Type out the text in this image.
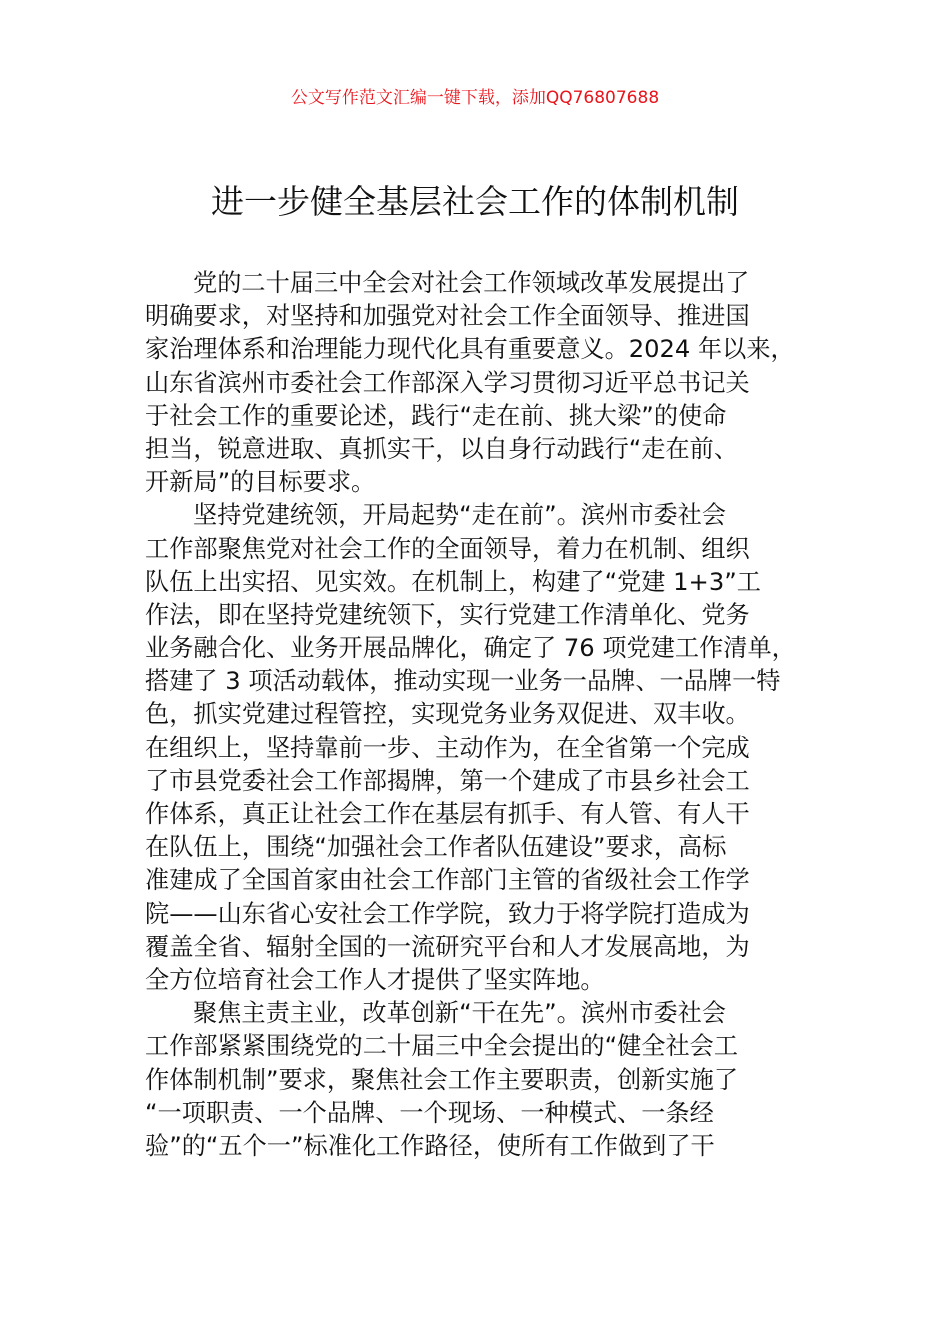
公文写作范文汇编一键下载，添加QQ76807688
进一步健全基层社会工作的体制机制
党的二十届三中全会对社会工作领域改革发展提出了
明确要求，对坚持和加强党对社会工作全面领导、推进国
家治理体系和治理能力现代化具有重要意义。2024 年以来，
山东省滨州市委社会工作部深入学习贯彻习近平总书记关
于社会工作的重要论述，践行“走在前、挑大梁”的使命
担当，锐意进取、真抓实干，以自身行动践行“走在前、
开新局”的目标要求。
坚持党建统领，开局起势“走在前”。滨州市委社会
工作部聚焦党对社会工作的全面领导，着力在机制、组织
队伍上出实招、见实效。在机制上，构建了“党建 1+3”工
作法，即在坚持党建统领下，实行党建工作清单化、党务
业务融合化、业务开展品牌化，确定了 76 项党建工作清单，
搭建了 3 项活动载体，推动实现一业务一品牌、一品牌一特
色，抓实党建过程管控，实现党务业务双促进、双丰收。
在组织上，坚持靠前一步、主动作为，在全省第一个完成
了市县党委社会工作部揭牌，第一个建成了市县乡社会工
作体系，真正让社会工作在基层有抓手、有人管、有人干
在队伍上，围绕“加强社会工作者队伍建设”要求，高标
准建成了全国首家由社会工作部门主管的省级社会工作学
院——山东省心安社会工作学院，致力于将学院打造成为
覆盖全省、辐射全国的一流研究平台和人才发展高地，为
全方位培育社会工作人才提供了坚实阵地。
聚焦主责主业，改革创新“干在先”。滨州市委社会
工作部紧紧围绕党的二十届三中全会提出的“健全社会工
作体制机制”要求，聚焦社会工作主要职责，创新实施了
“一项职责、一个品牌、一个现场、一种模式、一条经
验”的“五个一”标准化工作路径，使所有工作做到了干
